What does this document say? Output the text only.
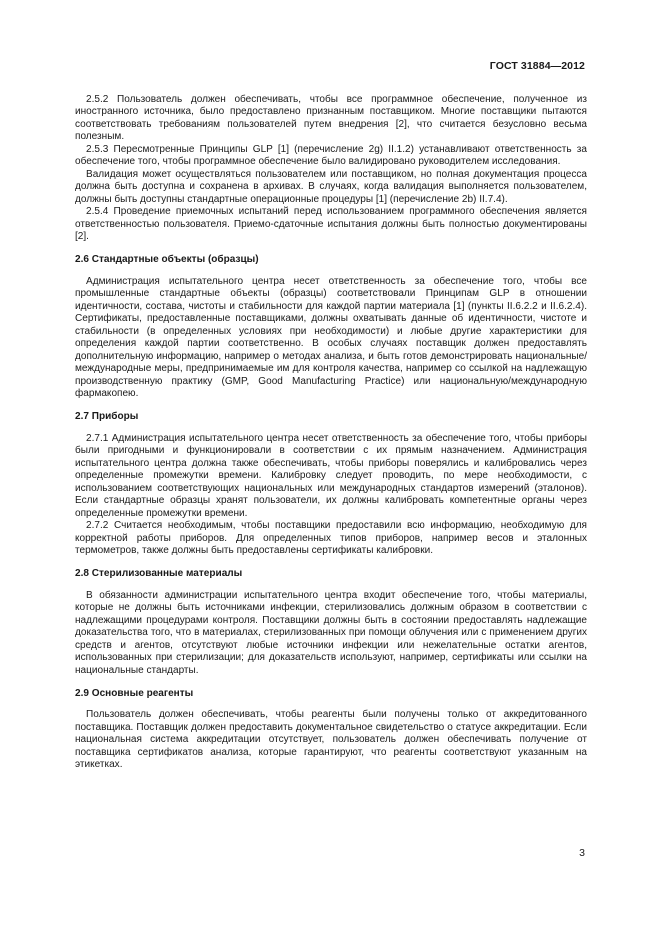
ГОСТ 31884—2012

2.5.2 Пользователь должен обеспечивать, чтобы все программное обеспечение, полученное из иностранного источника, было предоставлено признанным поставщиком. Многие поставщики пытаются соответствовать требованиям пользователей путем внедрения [2], что считается безусловно весьма полезным.

2.5.3 Пересмотренные Принципы GLP [1] (перечисление 2g) II.1.2) устанавливают ответственность за обеспечение того, чтобы программное обеспечение было валидировано руководителем исследования.

Валидация может осуществляться пользователем или поставщиком, но полная документация процесса должна быть доступна и сохранена в архивах. В случаях, когда валидация выполняется пользователем, должны быть доступны стандартные операционные процедуры [1] (перечисление 2b) II.7.4).

2.5.4 Проведение приемочных испытаний перед использованием программного обеспечения является ответственностью пользователя. Приемо-сдаточные испытания должны быть полностью документированы [2].

2.6 Стандартные объекты (образцы)

Администрация испытательного центра несет ответственность за обеспечение того, чтобы все промышленные стандартные объекты (образцы) соответствовали Принципам GLP в отношении идентичности, состава, чистоты и стабильности для каждой партии материала [1] (пункты II.6.2.2 и II.6.2.4). Сертификаты, предоставленные поставщиками, должны охватывать данные об идентичности, чистоте и стабильности (в определенных условиях при необходимости) и любые другие характеристики для определения каждой партии соответственно. В особых случаях поставщик должен предоставлять дополнительную информацию, например о методах анализа, и быть готов демонстрировать национальные/международные меры, предпринимаемые им для контроля качества, например со ссылкой на надлежащую производственную практику (GMP, Good Manufacturing Practice) или национальную/международную фармакопею.

2.7 Приборы

2.7.1 Администрация испытательного центра несет ответственность за обеспечение того, чтобы приборы были пригодными и функционировали в соответствии с их прямым назначением. Администрация испытательного центра должна также обеспечивать, чтобы приборы поверялись и калибровались через определенные промежутки времени. Калибровку следует проводить, по мере необходимости, с использованием соответствующих национальных или международных стандартов измерений (эталонов). Если стандартные образцы хранят пользователи, их должны калибровать компетентные органы через определенные промежутки времени.

2.7.2 Считается необходимым, чтобы поставщики предоставили всю информацию, необходимую для корректной работы приборов. Для определенных типов приборов, например весов и эталонных термометров, также должны быть предоставлены сертификаты калибровки.

2.8 Стерилизованные материалы

В обязанности администрации испытательного центра входит обеспечение того, чтобы материалы, которые не должны быть источниками инфекции, стерилизовались должным образом в соответствии с надлежащими процедурами контроля. Поставщики должны быть в состоянии предоставлять надлежащие доказательства того, что в материалах, стерилизованных при помощи облучения или с применением других средств и агентов, отсутствуют любые источники инфекции или нежелательные остатки агентов, использованных при стерилизации; для доказательств используют, например, сертификаты или ссылки на национальные стандарты.

2.9 Основные реагенты

Пользователь должен обеспечивать, чтобы реагенты были получены только от аккредитованного поставщика. Поставщик должен предоставить документальное свидетельство о статусе аккредитации. Если национальная система аккредитации отсутствует, пользователь должен обеспечивать получение от поставщика сертификатов анализа, которые гарантируют, что реагенты соответствуют указанным на этикетках.

3
